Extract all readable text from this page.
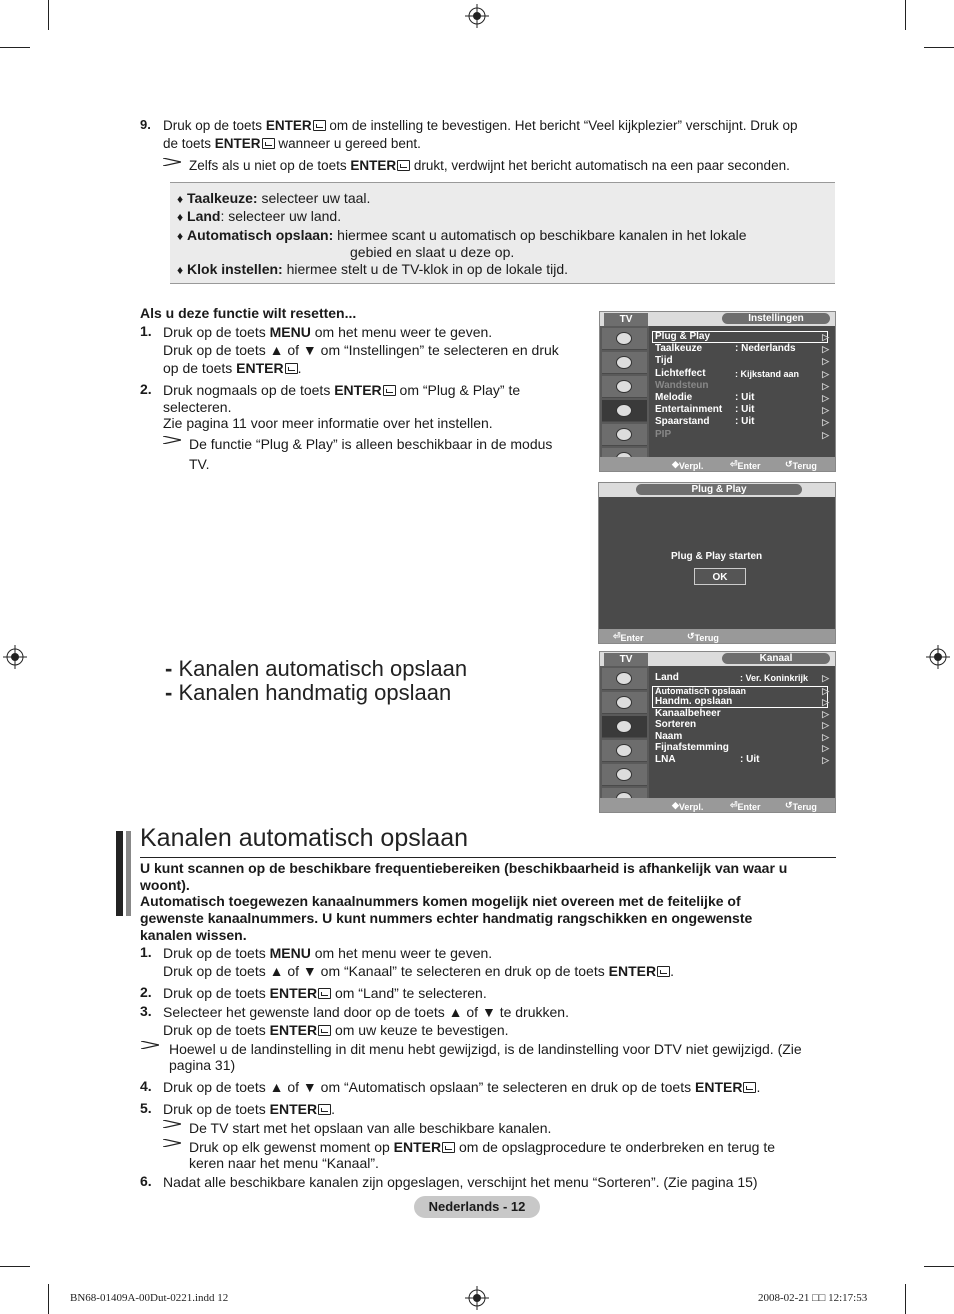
9. Druk op de toets ENTER om de instelling te bevestigen. Het bericht “Veel kijkplezier” verschijnt. Druk op
de toets ENTER wanneer u gereed bent.
Zelfs als u niet op de toets ENTER drukt, verdwijnt het bericht automatisch na een paar seconden.
♦ Taalkeuze: selecteer uw taal.
♦ Land: selecteer uw land.
♦ Automatisch opslaan: hiermee scant u automatisch op beschikbare kanalen in het lokale
gebied en slaat u deze op.
♦ Klok instellen: hiermee stelt u de TV-klok in op de lokale tijd.
Als u deze functie wilt resetten...
1. Druk op de toets MENU om het menu weer te geven.
Druk op de toets ▲ of ▼ om “Instellingen” te selecteren en druk
op de toets ENTER .
2. Druk nogmaals op de toets ENTER om “Plug & Play” te
selecteren.
Zie pagina 11 voor meer informatie over het instellen.
De functie “Plug & Play” is alleen beschikbaar in de modus
TV.
TV	Instellingen
Plug & Play	▷
Taalkeuze	: Nederlands	▷
Tijd	▷
Lichteffect	: Kijkstand aan	▷
Wandsteun	▷
Melodie	: Uit	▷
Entertainment : Uit	▷
Spaarstand	: Uit	▷
PIP	▷
◆ Verpl.	⏎ Enter	↺ Terug
Plug & Play
Plug & Play starten
OK
⏎ Enter	↺ Terug
- Kanalen automatisch opslaan
- Kanalen handmatig opslaan
TV	Kanaal
Land	: Ver. Koninkrijk ▷
Automatisch opslaan	▷
Handm. opslaan	▷
Kanaalbeheer	▷
Sorteren	▷
Naam	▷
Fijnafstemming	▷
LNA	: Uit	▷
◆ Verpl.	⏎ Enter	↺ Terug
Kanalen automatisch opslaan
U kunt scannen op de beschikbare frequentiebereiken (beschikbaarheid is afhankelijk van waar u
woont).
Automatisch toegewezen kanaalnummers komen mogelijk niet overeen met de feitelijke of
gewenste kanaalnummers. U kunt nummers echter handmatig rangschikken en ongewenste
kanalen wissen.
1. Druk op de toets MENU om het menu weer te geven.
Druk op de toets ▲ of ▼ om “Kanaal” te selecteren en druk op de toets ENTER .
2. Druk op de toets ENTER om “Land” te selecteren.
3. Selecteer het gewenste land door op de toets ▲ of ▼ te drukken.
Druk op de toets ENTER om uw keuze te bevestigen.
Hoewel u de landinstelling in dit menu hebt gewijzigd, is de landinstelling voor DTV niet gewijzigd. (Zie
pagina 31)
4. Druk op de toets ▲ of ▼ om “Automatisch opslaan” te selecteren en druk op de toets ENTER .
5. Druk op de toets ENTER .
De TV start met het opslaan van alle beschikbare kanalen.
Druk op elk gewenst moment op ENTER om de opslagprocedure te onderbreken en terug te
keren naar het menu “Kanaal”.
6. Nadat alle beschikbare kanalen zijn opgeslagen, verschijnt het menu “Sorteren”. (Zie pagina 15)
Nederlands - 12
BN68-01409A-00Dut-0221.indd 12	2008-02-21 □□ 12:17:53
